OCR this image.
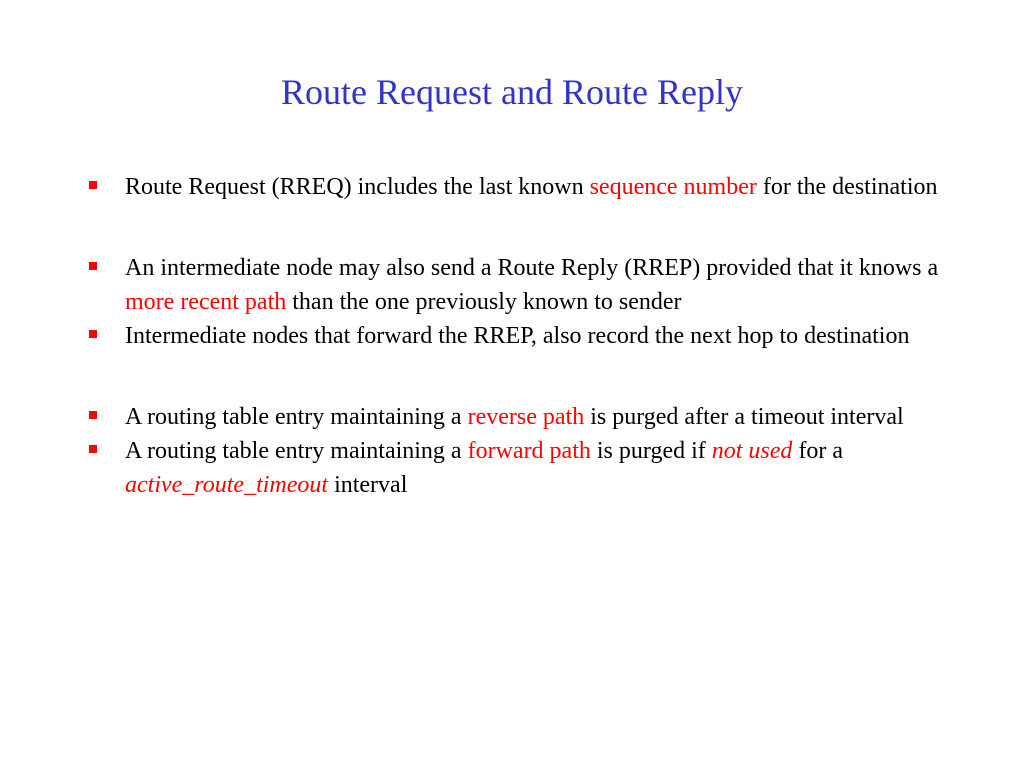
Route Request and Route Reply
Route Request (RREQ) includes the last known sequence number for the destination
An intermediate node may also send a Route Reply (RREP) provided that it knows a more recent path than the one previously known to sender
Intermediate nodes that forward the RREP, also record the next hop to destination
A routing table entry maintaining a reverse path is purged after a timeout interval
A routing table entry maintaining a forward path is purged if not used for a active_route_timeout interval
